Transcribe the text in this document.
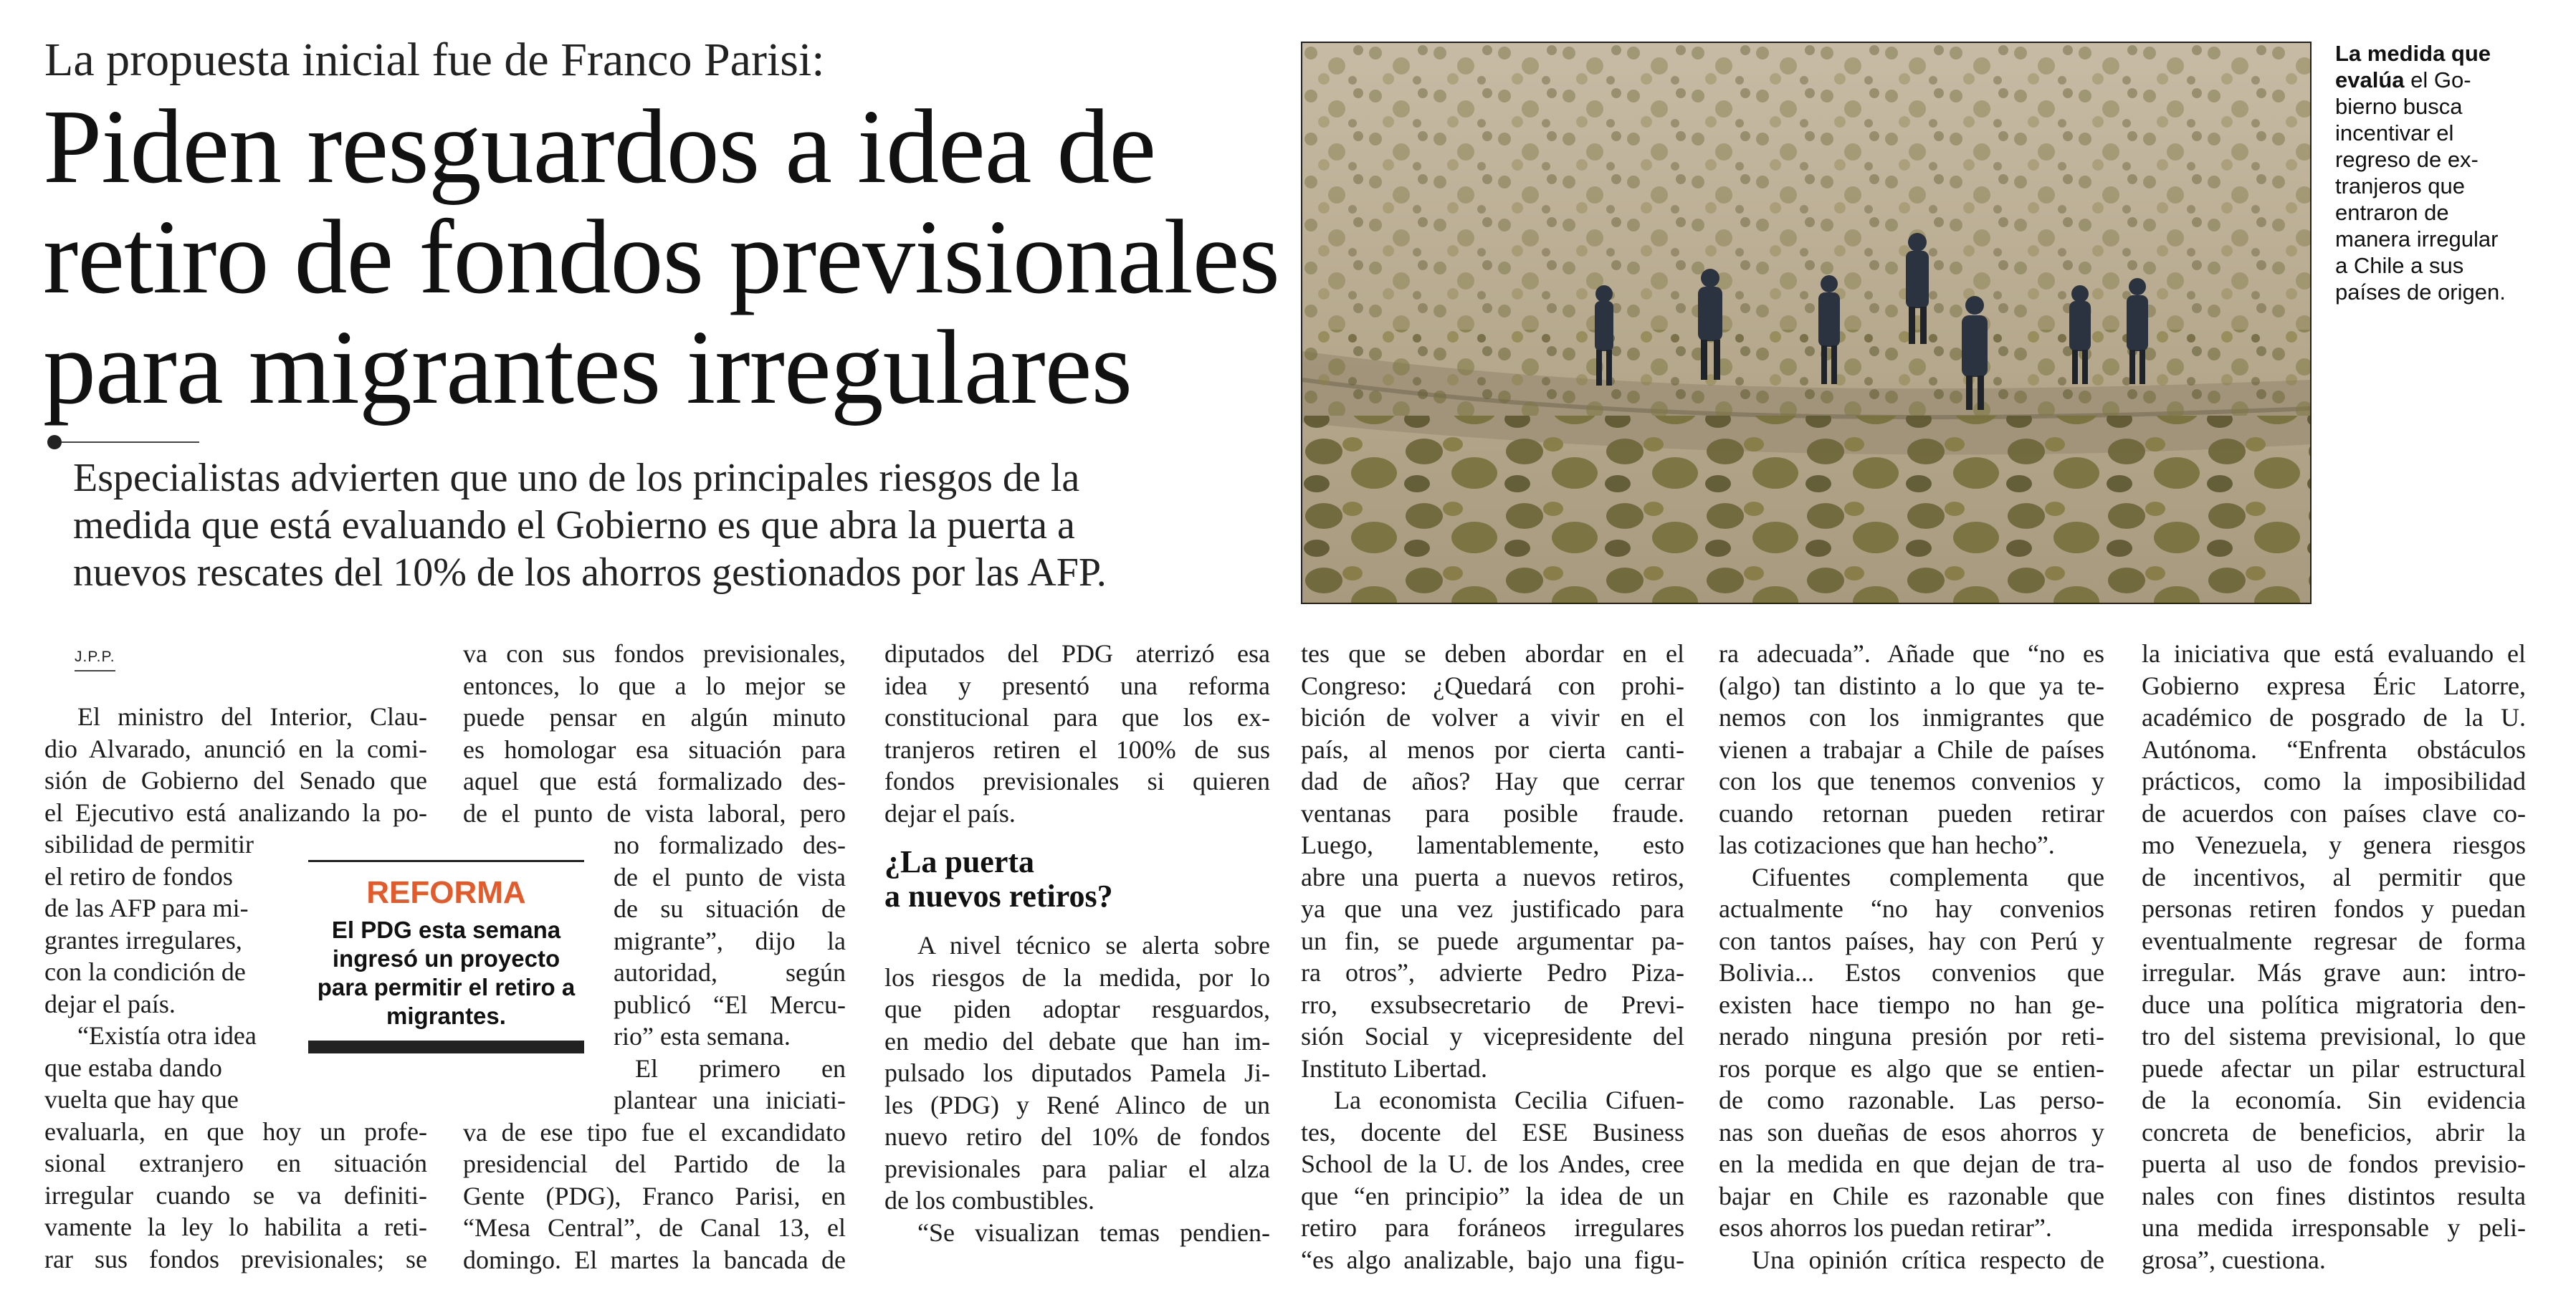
La propuesta inicial fue de Franco Parisi:
Piden resguardos a idea de
retiro de fondos previsionales
para migrantes irregulares
Especialistas advierten que uno de los principales riesgos de la
medida que está evaluando el Gobierno es que abra la puerta a
nuevos rescates del 10% de los ahorros gestionados por las AFP.
La medida que
evalúa el Go-
bierno busca
incentivar el
regreso de ex-
tranjeros que
entraron de
manera irregular
a Chile a sus
países de origen.
J.P.P.
El ministro del Interior, Clau-
dio Alvarado, anunció en la comi-
sión de Gobierno del Senado que
el Ejecutivo está analizando la po-
sibilidad de permitir
el retiro de fondos
de las AFP para mi-
grantes irregulares,
con la condición de
dejar el país.
“Existía otra idea
que estaba dando
vuelta que hay que
evaluarla, en que hoy un profe-
sional extranjero en situación
irregular cuando se va definiti-
vamente la ley lo habilita a reti-
rar sus fondos previsionales; se
REFORMA
El PDG esta semana
ingresó un proyecto
para permitir el retiro a
migrantes.
va con sus fondos previsionales,
entonces, lo que a lo mejor se
puede pensar en algún minuto
es homologar esa situación para
aquel que está formalizado des-
de el punto de vista laboral, pero
no formalizado des-
de el punto de vista
de su situación de
migrante”, dijo la
autoridad, según
publicó “El Mercu-
rio” esta semana.
El primero en
plantear una iniciati-
va de ese tipo fue el excandidato
presidencial del Partido de la
Gente (PDG), Franco Parisi, en
“Mesa Central”, de Canal 13, el
domingo. El martes la bancada de
diputados del PDG aterrizó esa
idea y presentó una reforma
constitucional para que los ex-
tranjeros retiren el 100% de sus
fondos previsionales si quieren
dejar el país.
¿La puerta
a nuevos retiros?
A nivel técnico se alerta sobre
los riesgos de la medida, por lo
que piden adoptar resguardos,
en medio del debate que han im-
pulsado los diputados Pamela Ji-
les (PDG) y René Alinco de un
nuevo retiro del 10% de fondos
previsionales para paliar el alza
de los combustibles.
“Se visualizan temas pendien-
tes que se deben abordar en el
Congreso: ¿Quedará con prohi-
bición de volver a vivir en el
país, al menos por cierta canti-
dad de años? Hay que cerrar
ventanas para posible fraude.
Luego, lamentablemente, esto
abre una puerta a nuevos retiros,
ya que una vez justificado para
un fin, se puede argumentar pa-
ra otros”, advierte Pedro Piza-
rro, exsubsecretario de Previ-
sión Social y vicepresidente del
Instituto Libertad.
La economista Cecilia Cifuen-
tes, docente del ESE Business
School de la U. de los Andes, cree
que “en principio” la idea de un
retiro para foráneos irregulares
“es algo analizable, bajo una figu-
ra adecuada”. Añade que “no es
(algo) tan distinto a lo que ya te-
nemos con los inmigrantes que
vienen a trabajar a Chile de países
con los que tenemos convenios y
cuando retornan pueden retirar
las cotizaciones que han hecho”.
Cifuentes complementa que
actualmente “no hay convenios
con tantos países, hay con Perú y
Bolivia... Estos convenios que
existen hace tiempo no han ge-
nerado ninguna presión por reti-
ros porque es algo que se entien-
de como razonable. Las perso-
nas son dueñas de esos ahorros y
en la medida en que dejan de tra-
bajar en Chile es razonable que
esos ahorros los puedan retirar”.
Una opinión crítica respecto de
la iniciativa que está evaluando el
Gobierno expresa Éric Latorre,
académico de posgrado de la U.
Autónoma. “Enfrenta obstáculos
prácticos, como la imposibilidad
de acuerdos con países clave co-
mo Venezuela, y genera riesgos
de incentivos, al permitir que
personas retiren fondos y puedan
eventualmente regresar de forma
irregular. Más grave aun: intro-
duce una política migratoria den-
tro del sistema previsional, lo que
puede afectar un pilar estructural
de la economía. Sin evidencia
concreta de beneficios, abrir la
puerta al uso de fondos previsio-
nales con fines distintos resulta
una medida irresponsable y peli-
grosa”, cuestiona.
